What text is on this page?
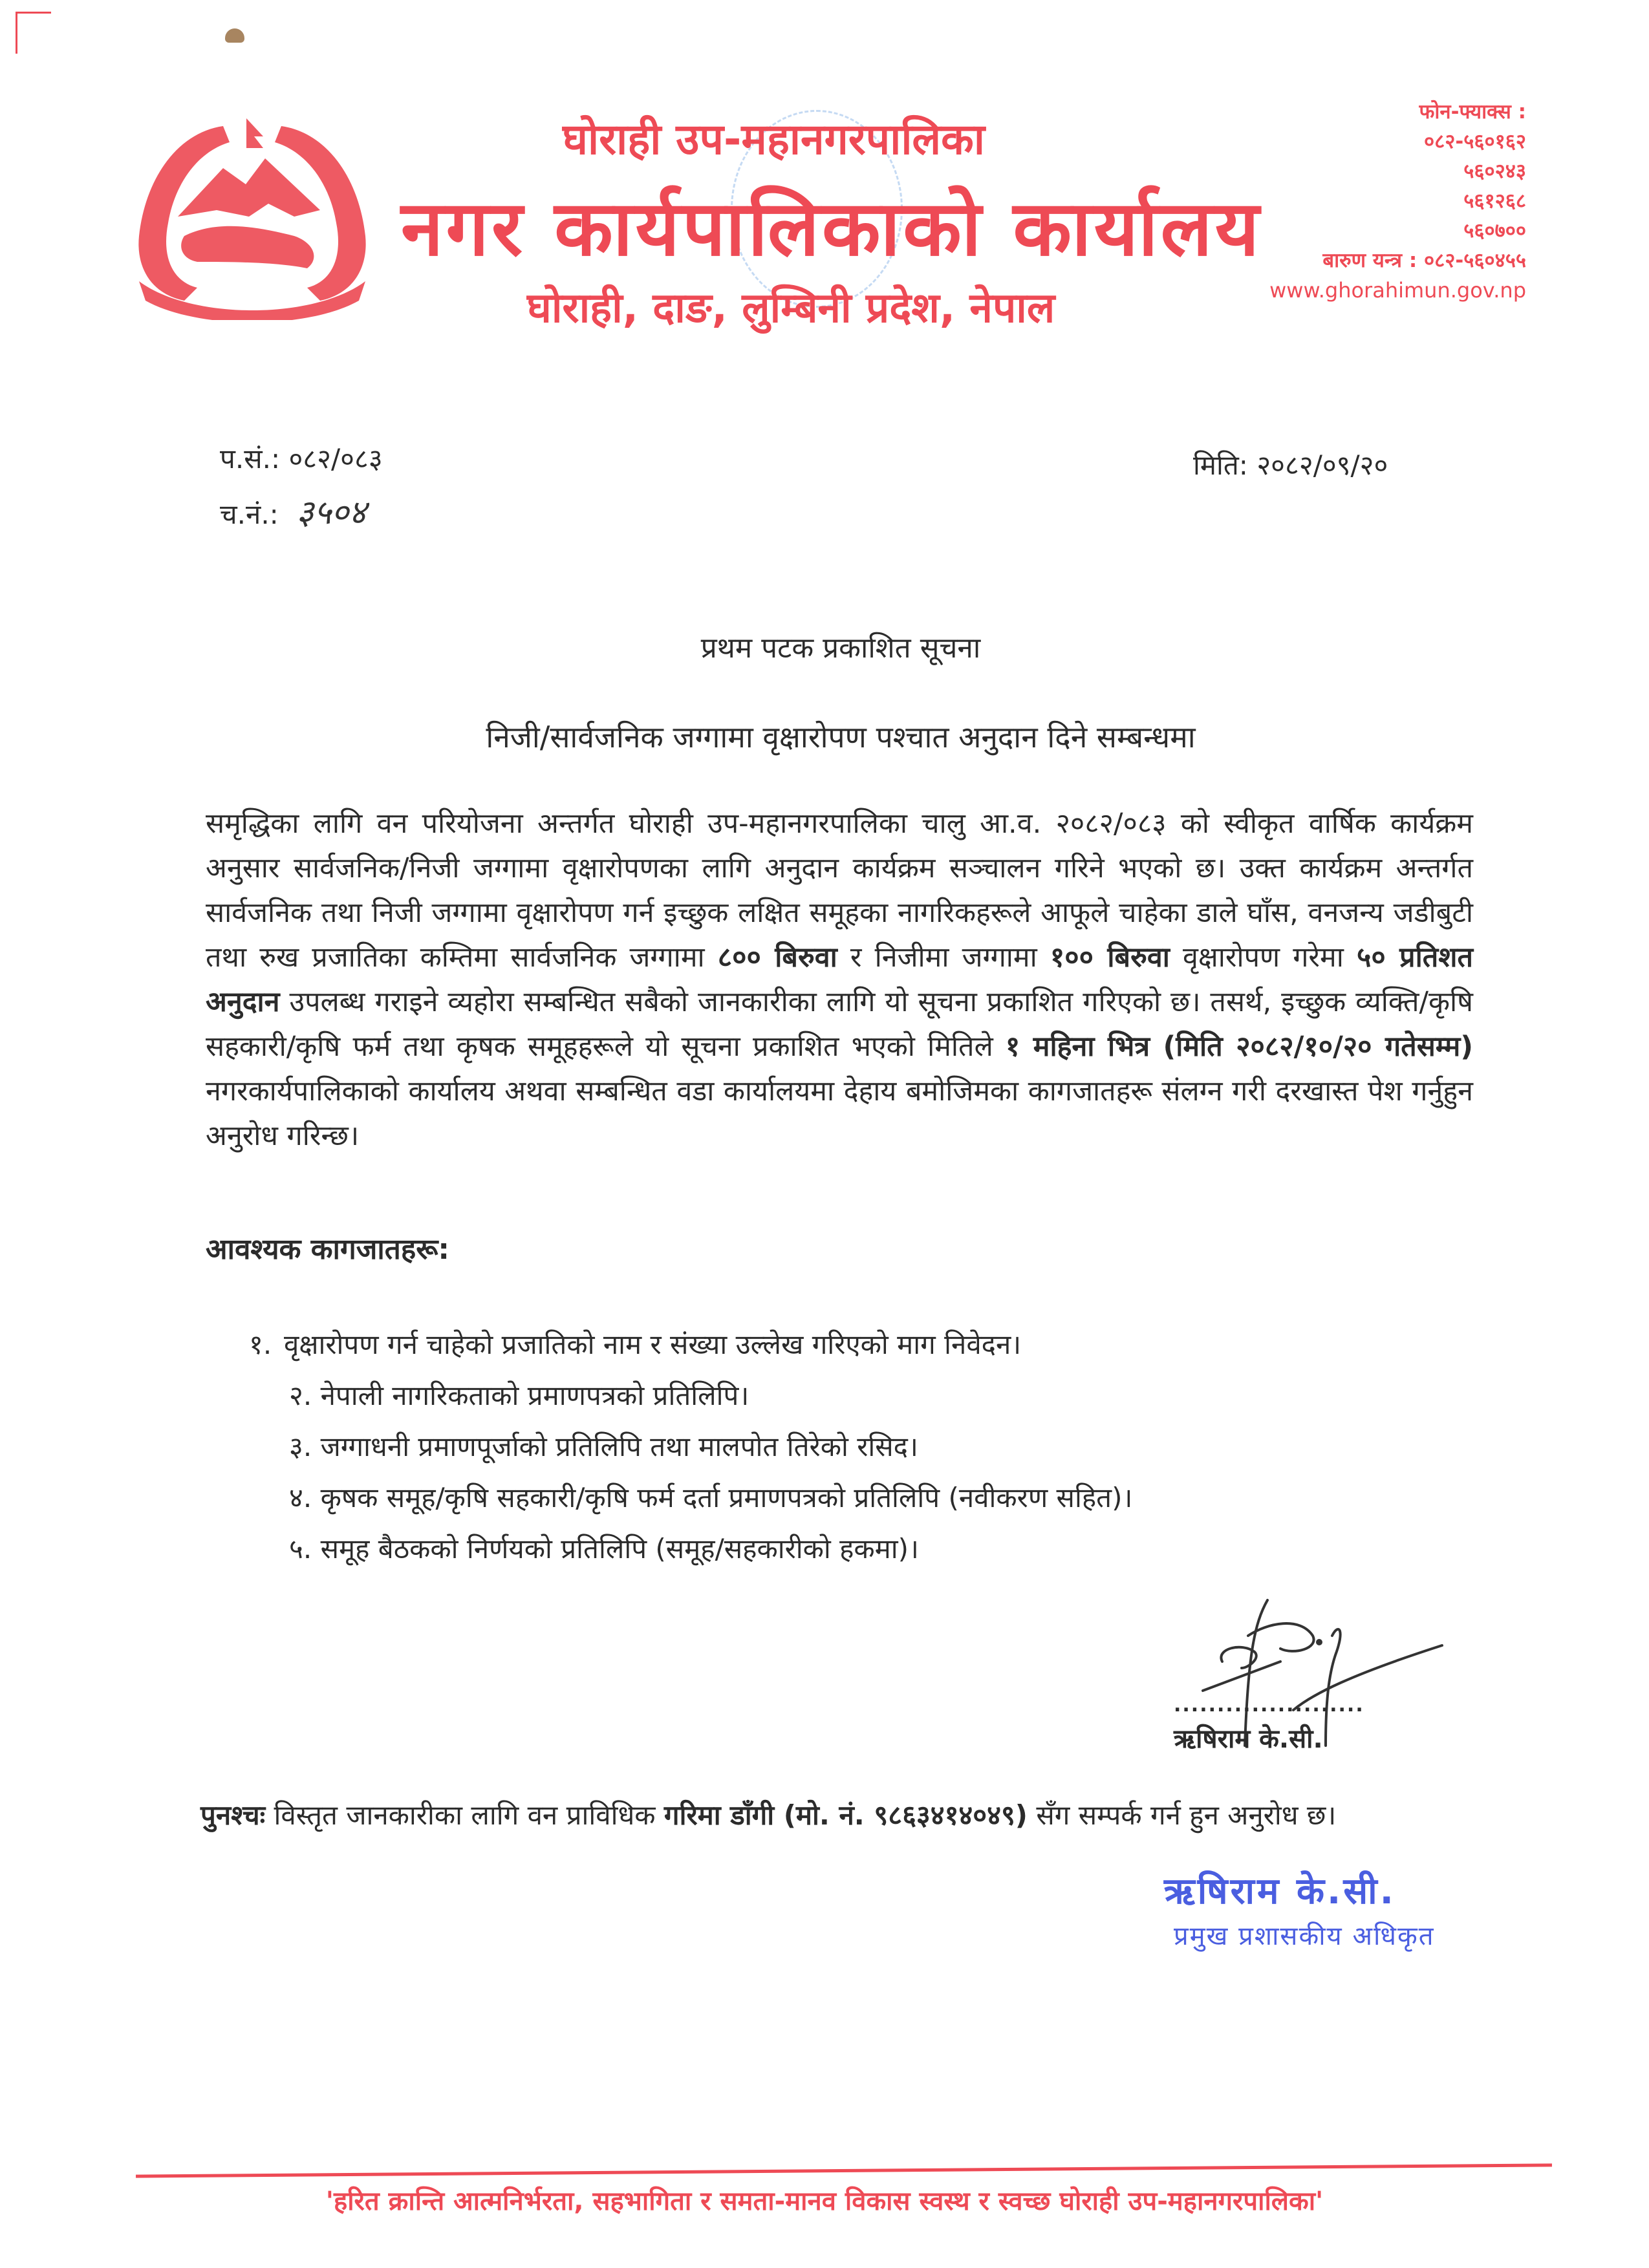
घोराही उप-महानगरपालिका
नगर कार्यपालिकाको कार्यालय
घोराही, दाङ, लुम्बिनी प्रदेश, नेपाल
फोन-फ्याक्स :
०८२-५६०१६२
५६०२४३
५६१२६८
५६०७००
बारुण यन्त्र : ०८२-५६०४५५
www.ghorahimun.gov.np
प.सं.: ०८२/०८३
च.नं.: ३५०४
मिति: २०८२/०९/२०
प्रथम पटक प्रकाशित सूचना
निजी/सार्वजनिक जग्गामा वृक्षारोपण पश्चात अनुदान दिने सम्बन्धमा
समृद्धिका लागि वन परियोजना अन्तर्गत घोराही उप-महानगरपालिका चालु आ.व. २०८२/०८३ को स्वीकृत वार्षिक कार्यक्रम अनुसार सार्वजनिक/निजी जग्गामा वृक्षारोपणका लागि अनुदान कार्यक्रम सञ्चालन गरिने भएको छ। उक्त कार्यक्रम अन्तर्गत सार्वजनिक तथा निजी जग्गामा वृक्षारोपण गर्न इच्छुक लक्षित समूहका नागरिकहरूले आफूले चाहेका डाले घाँस, वनजन्य जडीबुटी तथा रुख प्रजातिका कम्तिमा सार्वजनिक जग्गामा ८०० बिरुवा र निजीमा जग्गामा १०० बिरुवा वृक्षारोपण गरेमा ५० प्रतिशत अनुदान उपलब्ध गराइने व्यहोरा सम्बन्धित सबैको जानकारीका लागि यो सूचना प्रकाशित गरिएको छ। तसर्थ, इच्छुक व्यक्ति/कृषि सहकारी/कृषि फर्म तथा कृषक समूहहरूले यो सूचना प्रकाशित भएको मितिले १ महिना भित्र (मिति २०८२/१०/२० गतेसम्म) नगरकार्यपालिकाको कार्यालय अथवा सम्बन्धित वडा कार्यालयमा देहाय बमोजिमका कागजातहरू संलग्न गरी दरखास्त पेश गर्नुहुन अनुरोध गरिन्छ।
आवश्यक कागजातहरू:
१. वृक्षारोपण गर्न चाहेको प्रजातिको नाम र संख्या उल्लेख गरिएको माग निवेदन।
२. नेपाली नागरिकताको प्रमाणपत्रको प्रतिलिपि।
३. जग्गाधनी प्रमाणपूर्जाको प्रतिलिपि तथा मालपोत तिरेको रसिद।
४. कृषक समूह/कृषि सहकारी/कृषि फर्म दर्ता प्रमाणपत्रको प्रतिलिपि (नवीकरण सहित)।
५. समूह बैठकको निर्णयको प्रतिलिपि (समूह/सहकारीको हकमा)।
......................
ऋषिराम के.सी.
पुनश्चः विस्तृत जानकारीका लागि वन प्राविधिक गरिमा डाँगी (मो. नं. ९८६३४१४०४९) सँग सम्पर्क गर्न हुन अनुरोध छ।
ऋषिराम के.सी.
प्रमुख प्रशासकीय अधिकृत
'हरित क्रान्ति आत्मनिर्भरता, सहभागिता र समता-मानव विकास स्वस्थ र स्वच्छ घोराही उप-महानगरपालिका'
